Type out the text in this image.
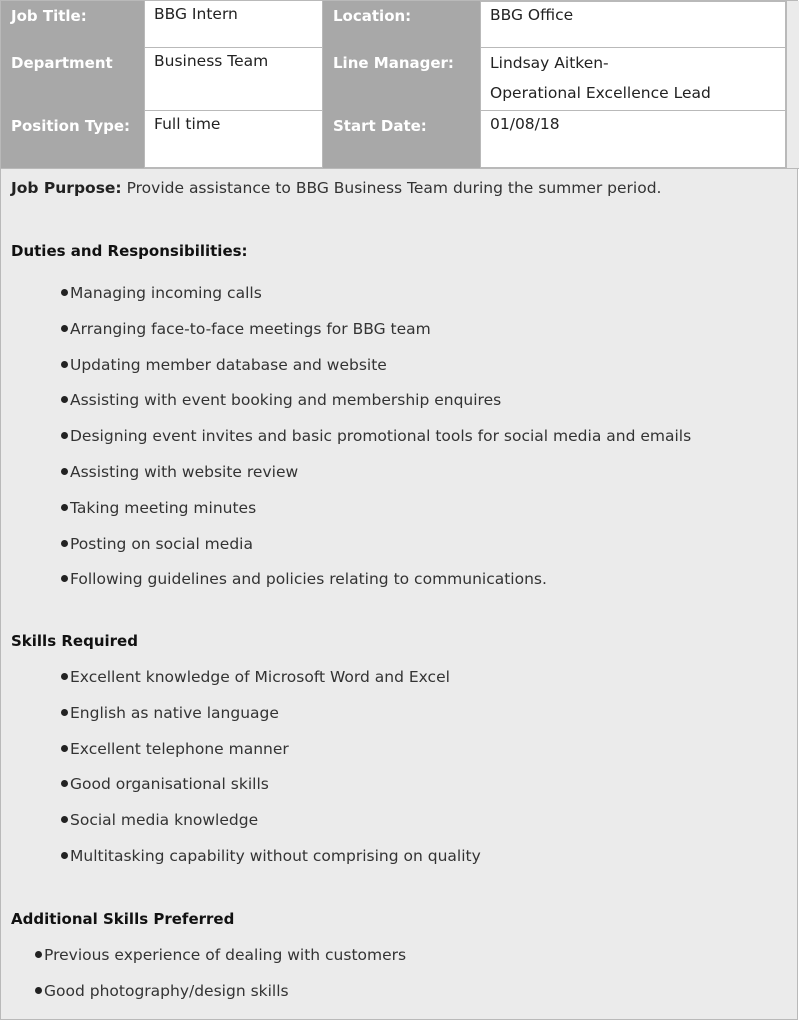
Job Title:	BBG Intern	Location:	BBG Office
Department	Business Team	Line Manager:	Lindsay Aitken-
Operational Excellence Lead
Position Type:	Full time	Start Date:	01/08/18
Job Purpose: Provide assistance to BBG Business Team during the summer period.
Duties and Responsibilities:
Managing incoming calls
Arranging face-to-face meetings for BBG team
Updating member database and website
Assisting with event booking and membership enquires
Designing event invites and basic promotional tools for social media and emails
Assisting with website review
Taking meeting minutes
Posting on social media
Following guidelines and policies relating to communications.
Skills Required
Excellent knowledge of Microsoft Word and Excel
English as native language
Excellent telephone manner
Good organisational skills
Social media knowledge
Multitasking capability without comprising on quality
Additional Skills Preferred
Previous experience of dealing with customers
Good photography/design skills
